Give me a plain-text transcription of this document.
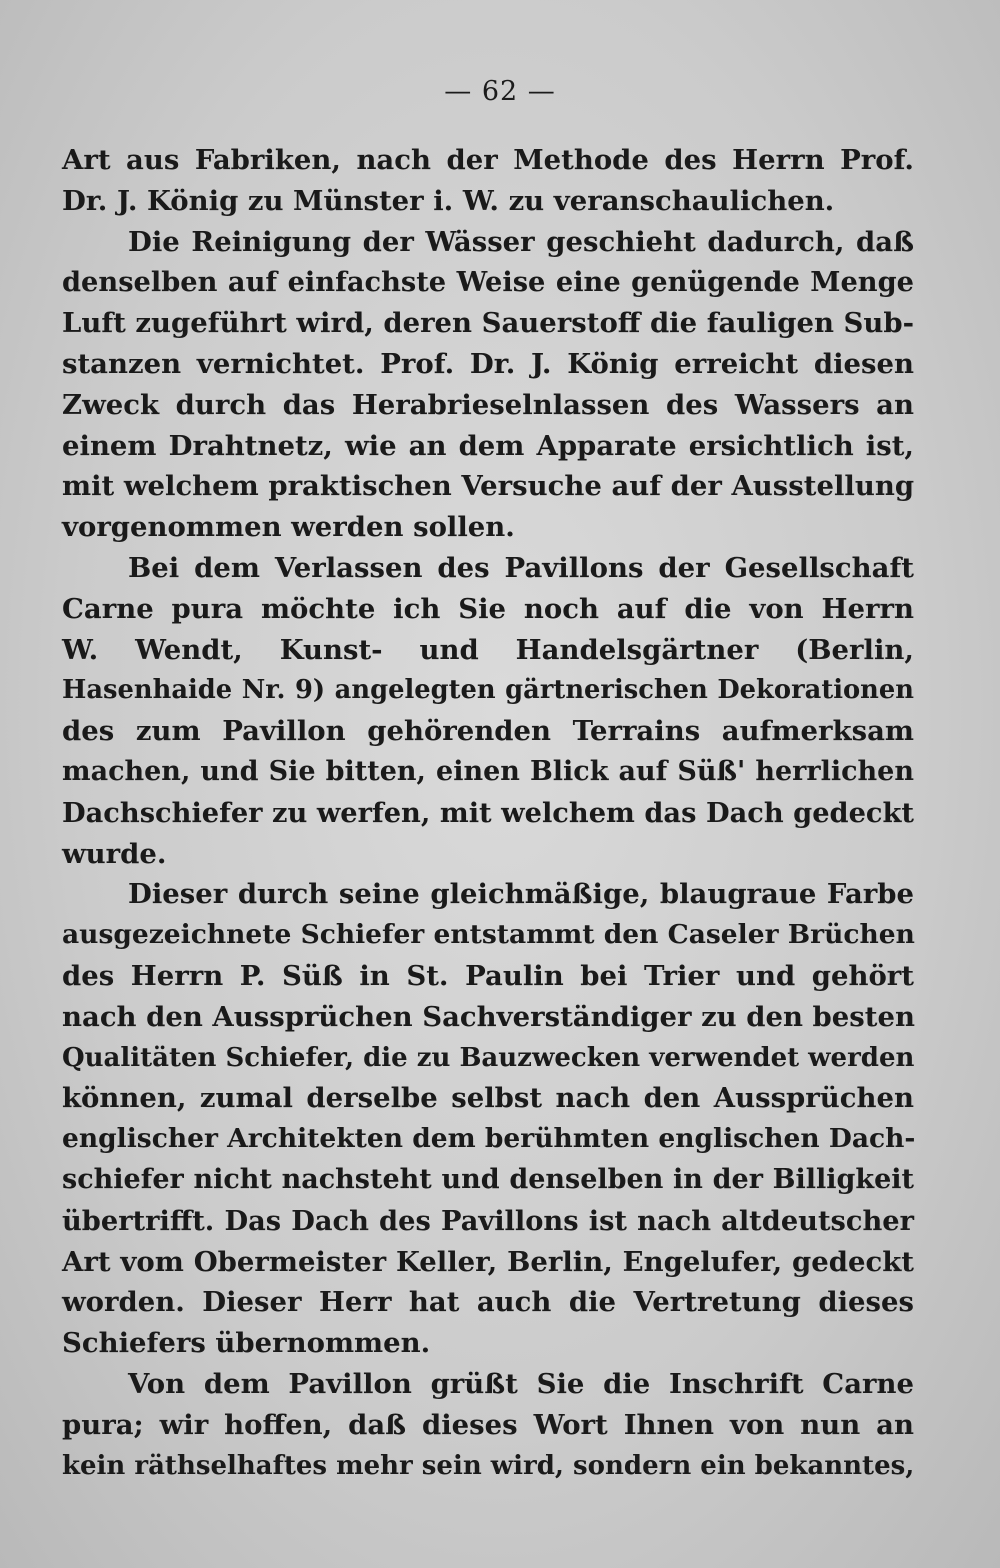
— 62 —
Art aus Fabriken, nach der Methode des Herrn Prof.
Dr. J. König zu Münster i. W. zu veranschaulichen.
Die Reinigung der Wässer geschieht dadurch, daß
denselben auf einfachste Weise eine genügende Menge
Luft zugeführt wird, deren Sauerstoff die fauligen Sub-
stanzen vernichtet. Prof. Dr. J. König erreicht diesen
Zweck durch das Herabrieselnlassen des Wassers an
einem Drahtnetz, wie an dem Apparate ersichtlich ist,
mit welchem praktischen Versuche auf der Ausstellung
vorgenommen werden sollen.
Bei dem Verlassen des Pavillons der Gesellschaft
Carne pura möchte ich Sie noch auf die von Herrn
W. Wendt, Kunst- und Handelsgärtner (Berlin,
Hasenhaide Nr. 9) angelegten gärtnerischen Dekorationen
des zum Pavillon gehörenden Terrains aufmerksam
machen, und Sie bitten, einen Blick auf Süß' herrlichen
Dachschiefer zu werfen, mit welchem das Dach gedeckt
wurde.
Dieser durch seine gleichmäßige, blaugraue Farbe
ausgezeichnete Schiefer entstammt den Caseler Brüchen
des Herrn P. Süß in St. Paulin bei Trier und gehört
nach den Aussprüchen Sachverständiger zu den besten
Qualitäten Schiefer, die zu Bauzwecken verwendet werden
können, zumal derselbe selbst nach den Aussprüchen
englischer Architekten dem berühmten englischen Dach-
schiefer nicht nachsteht und denselben in der Billigkeit
übertrifft. Das Dach des Pavillons ist nach altdeutscher
Art vom Obermeister Keller, Berlin, Engelufer, gedeckt
worden. Dieser Herr hat auch die Vertretung dieses
Schiefers übernommen.
Von dem Pavillon grüßt Sie die Inschrift Carne
pura; wir hoffen, daß dieses Wort Ihnen von nun an
kein räthselhaftes mehr sein wird, sondern ein bekanntes,
